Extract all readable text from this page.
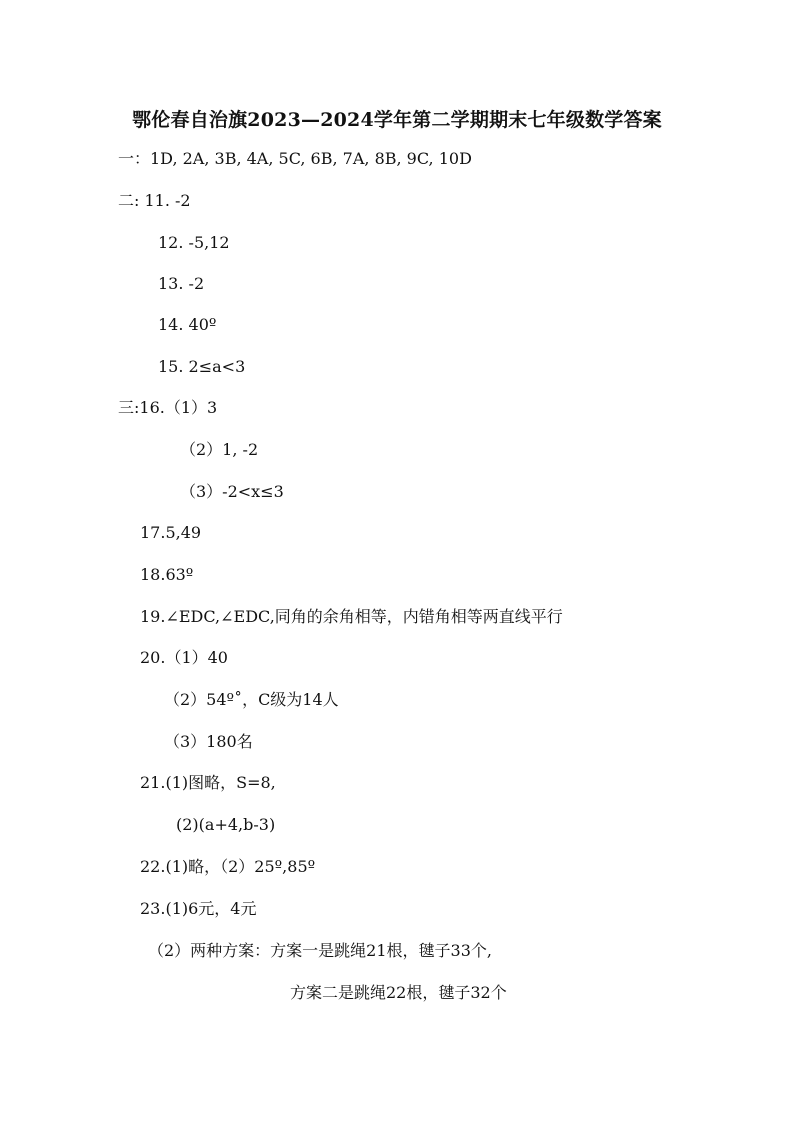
鄂伦春自治旗2023—2024学年第二学期期末七年级数学答案
一：1D, 2A, 3B, 4A, 5C, 6B, 7A, 8B, 9C, 10D
二: 11. -2
12. -5,12
13. -2
14. 40º
15. 2≤a<3
三:16.（1）3
（2）1, -2
（3）-2<x≤3
17.5,49
18.63º
19.∠EDC,∠EDC,同角的余角相等，内错角相等两直线平行
20.（1）40
（2）54º˚，C级为14人
（3）180名
21.(1)图略，S=8,
(2)(a+4,b-3)
22.(1)略，（2）25º,85º
23.(1)6元，4元
（2）两种方案：方案一是跳绳21根，毽子33个,
方案二是跳绳22根，毽子32个
